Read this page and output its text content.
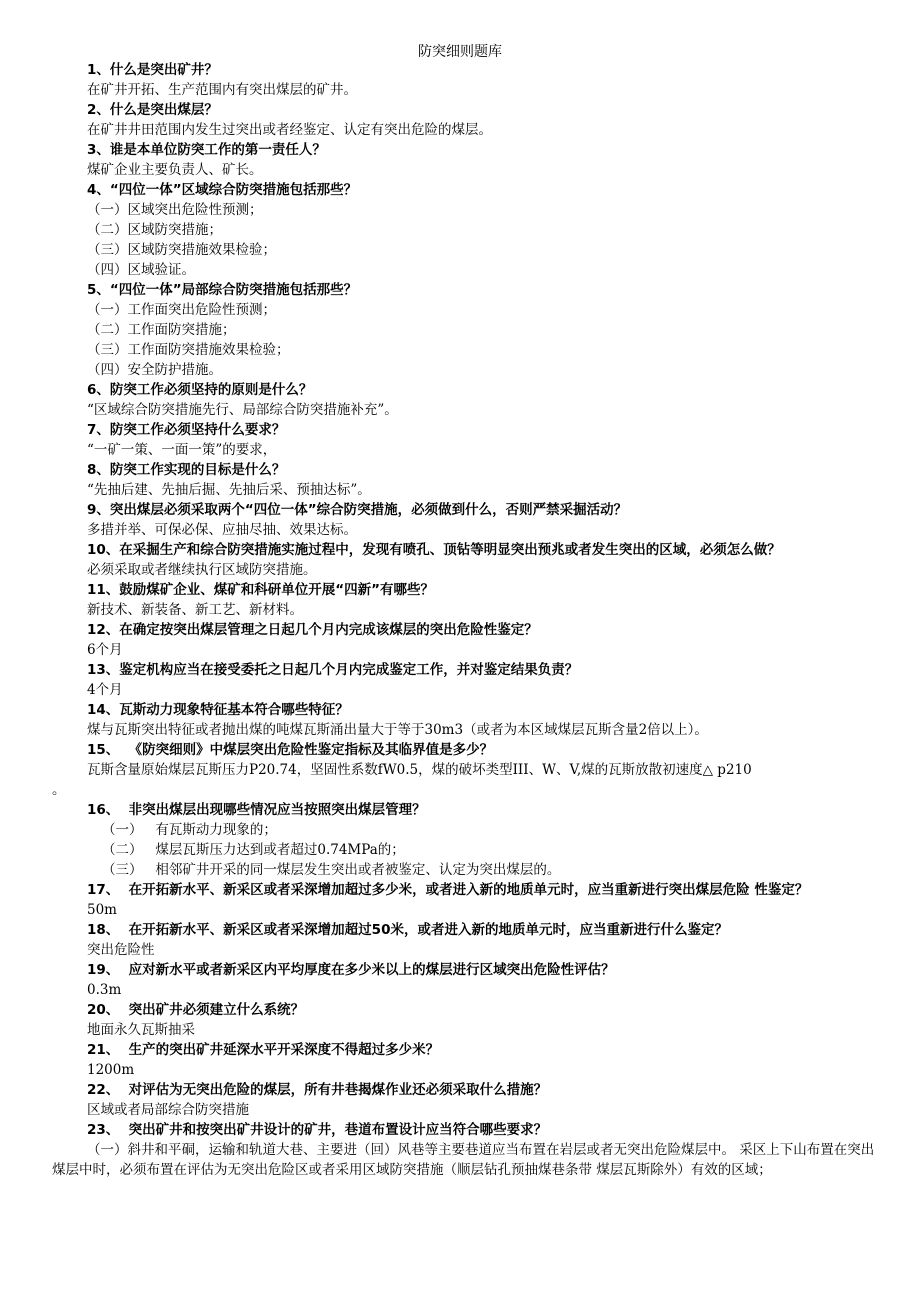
防突细则题库
1、什么是突出矿井？
在矿井开拓、生产范围内有突出煤层的矿井。
2、什么是突出煤层？
在矿井井田范围内发生过突出或者经鉴定、认定有突出危险的煤层。
3、谁是本单位防突工作的第一责任人？
煤矿企业主要负责人、矿长。
4、“四位一体”区域综合防突措施包括那些？
（一）区域突出危险性预测；
（二）区域防突措施；
（三）区域防突措施效果检验；
（四）区域验证。
5、“四位一体”局部综合防突措施包括那些？
（一）工作面突出危险性预测；
（二）工作面防突措施；
（三）工作面防突措施效果检验；
（四）安全防护措施。
6、防突工作必须坚持的原则是什么？
“区域综合防突措施先行、局部综合防突措施补充”。
7、防突工作必须坚持什么要求？
“一矿一策、一面一策”的要求，
8、防突工作实现的目标是什么？
“先抽后建、先抽后掘、先抽后采、预抽达标”。
9、突出煤层必须采取两个“四位一体”综合防突措施，必须做到什么，否则严禁采掘活动？
多措并举、可保必保、应抽尽抽、效果达标。
10、在采掘生产和综合防突措施实施过程中，发现有喷孔、顶钻等明显突出预兆或者发生突出的区域，必须怎么做？
必须采取或者继续执行区域防突措施。
11、鼓励煤矿企业、煤矿和科研单位开展“四新”有哪些？
新技术、新装备、新工艺、新材料。
12、在确定按突出煤层管理之日起几个月内完成该煤层的突出危险性鉴定？
6个月
13、鉴定机构应当在接受委托之日起几个月内完成鉴定工作，并对鉴定结果负责？
4个月
14、瓦斯动力现象特征基本符合哪些特征？
煤与瓦斯突出特征或者抛出煤的吨煤瓦斯涌出量大于等于30m3（或者为本区域煤层瓦斯含量2倍以上）。
15、  《防突细则》中煤层突出危险性鉴定指标及其临界值是多少？
瓦斯含量原始煤层瓦斯压力P20.74，坚固性系数fW0.5，煤的破坏类型III、W、V,煤的瓦斯放散初速度△ p210
。
16、  非突出煤层出现哪些情况应当按照突出煤层管理？
（一）   有瓦斯动力现象的；
（二）   煤层瓦斯压力达到或者超过0.74MPa的；
（三）   相邻矿井开采的同一煤层发生突出或者被鉴定、认定为突出煤层的。
17、  在开拓新水平、新采区或者采深增加超过多少米，或者进入新的地质单元时，应当重新进行突出煤层危险 性鉴定？
50m
18、  在开拓新水平、新采区或者采深增加超过50米，或者进入新的地质单元时，应当重新进行什么鉴定？
突出危险性
19、  应对新水平或者新采区内平均厚度在多少米以上的煤层进行区域突出危险性评估？
0.3m
20、  突出矿井必须建立什么系统？
地面永久瓦斯抽采
21、  生产的突出矿井延深水平开采深度不得超过多少米？
1200m
22、  对评估为无突出危险的煤层，所有井巷揭煤作业还必须采取什么措施？
区域或者局部综合防突措施
23、  突出矿井和按突出矿井设计的矿井，巷道布置设计应当符合哪些要求？
（一）斜井和平硐，运输和轨道大巷、主要进（回）风巷等主要巷道应当布置在岩层或者无突出危险煤层中。 采区上下山布置在突出煤层中时，必须布置在评估为无突出危险区或者采用区域防突措施（顺层钻孔预抽煤巷条带 煤层瓦斯除外）有效的区域；
